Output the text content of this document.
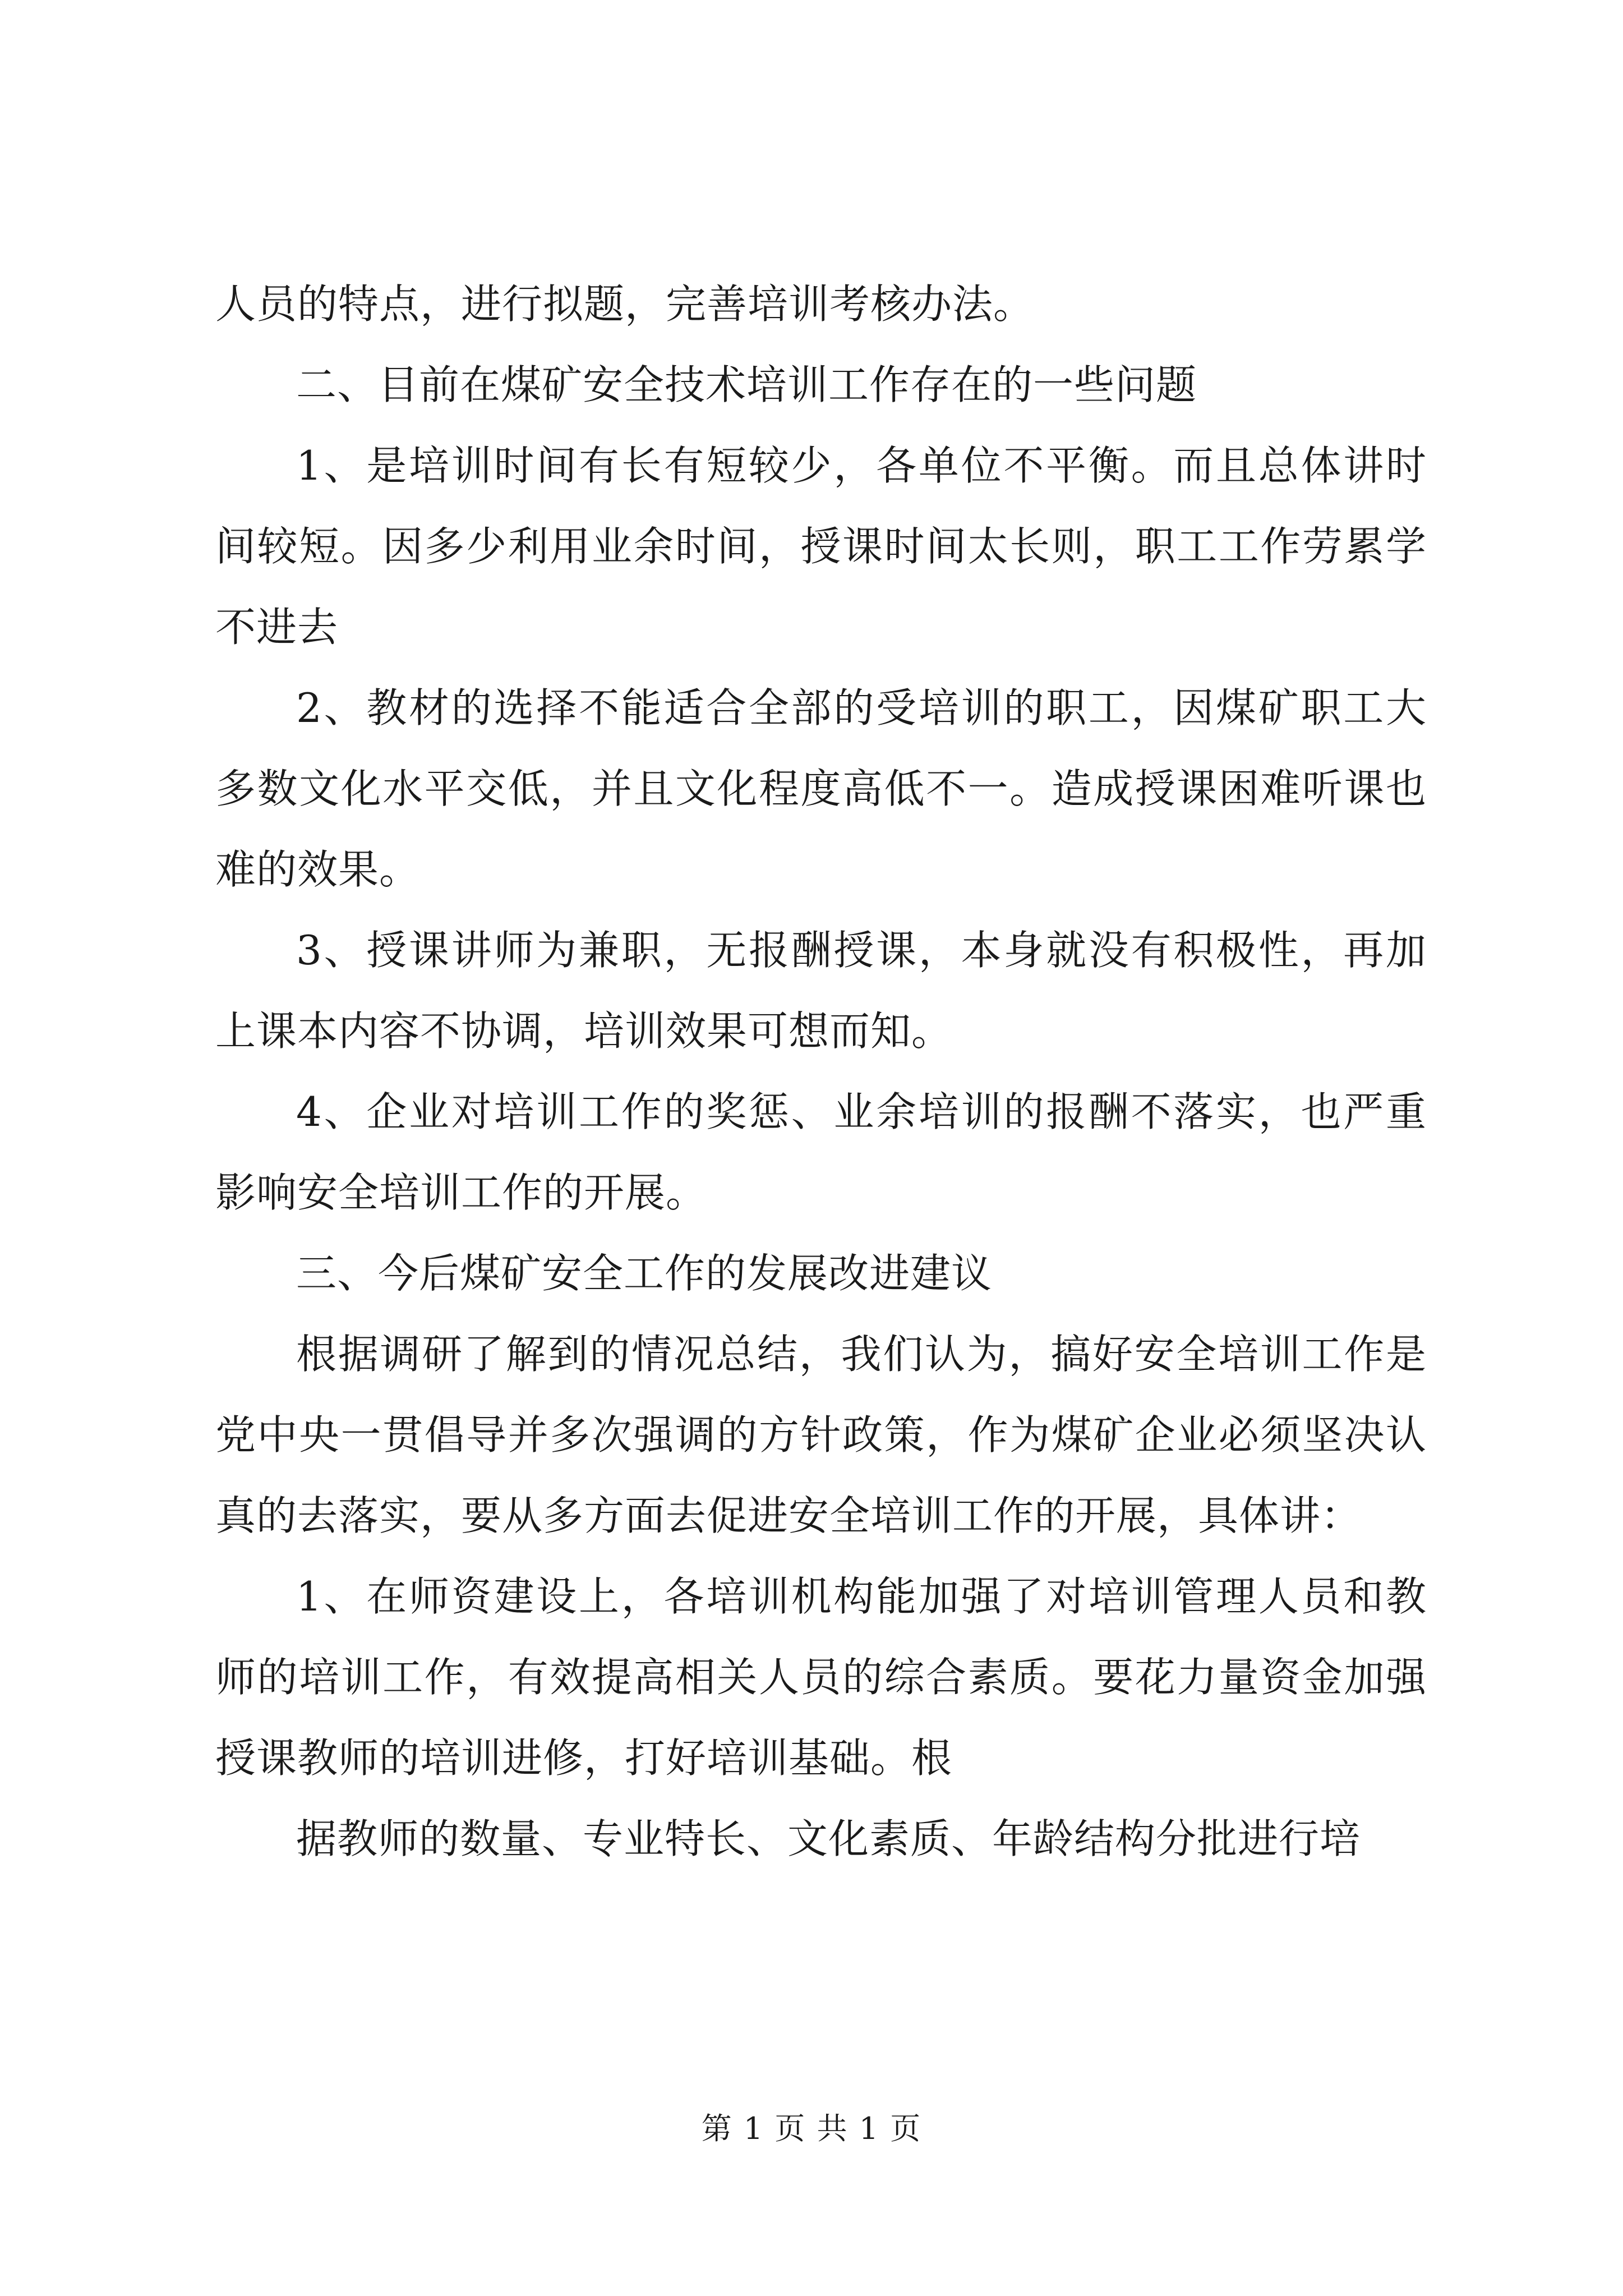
人员的特点，进行拟题，完善培训考核办法。

二、目前在煤矿安全技术培训工作存在的一些问题

1、是培训时间有长有短较少，各单位不平衡。而且总体讲时间较短。因多少利用业余时间，授课时间太长则，职工工作劳累学不进去

2、教材的选择不能适合全部的受培训的职工，因煤矿职工大多数文化水平交低，并且文化程度高低不一。造成授课困难听课也难的效果。

3、授课讲师为兼职，无报酬授课，本身就没有积极性，再加上课本内容不协调，培训效果可想而知。

4、企业对培训工作的奖惩、业余培训的报酬不落实，也严重影响安全培训工作的开展。

三、今后煤矿安全工作的发展改进建议

根据调研了解到的情况总结，我们认为，搞好安全培训工作是党中央一贯倡导并多次强调的方针政策，作为煤矿企业必须坚决认真的去落实，要从多方面去促进安全培训工作的开展，具体讲：

1、在师资建设上，各培训机构能加强了对培训管理人员和教师的培训工作，有效提高相关人员的综合素质。要花力量资金加强授课教师的培训进修，打好培训基础。根

据教师的数量、专业特长、文化素质、年龄结构分批进行培

第 1 页 共 1 页
